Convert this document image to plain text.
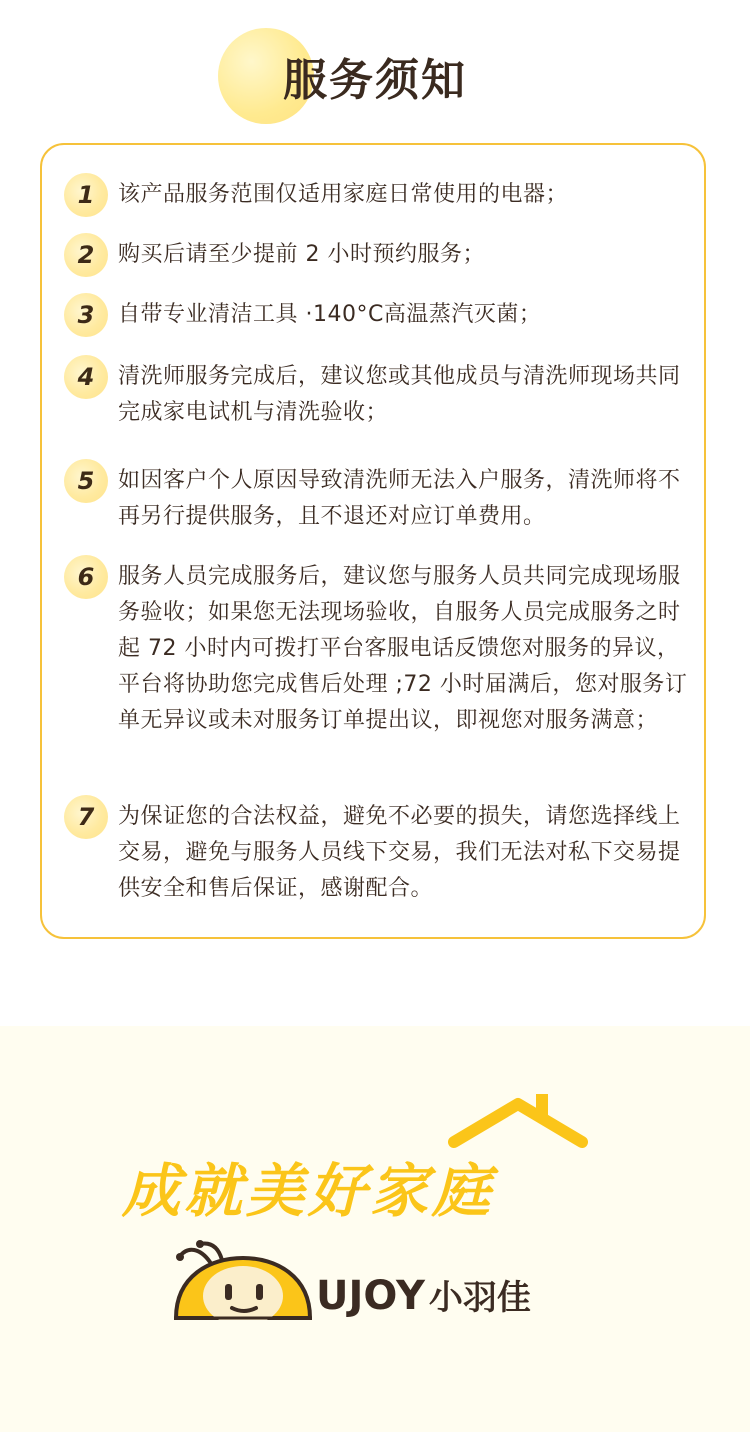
服务须知
1	该产品服务范围仅适用家庭日常使用的电器；
2	购买后请至少提前 2 小时预约服务；
3	自带专业清洁工具 ·140°C高温蒸汽灭菌；
4	清洗师服务完成后，建议您或其他成员与清洗师现场共同完成家电试机与清洗验收；
5	如因客户个人原因导致清洗师无法入户服务，清洗师将不再另行提供服务，且不退还对应订单费用。
6	服务人员完成服务后，建议您与服务人员共同完成现场服务验收；如果您无法现场验收，自服务人员完成服务之时起 72 小时内可拨打平台客服电话反馈您对服务的异议，平台将协助您完成售后处理 ;72 小时届满后，您对服务订单无异议或未对服务订单提出议，即视您对服务满意；
7	为保证您的合法权益，避免不必要的损失，请您选择线上交易，避免与服务人员线下交易，我们无法对私下交易提供安全和售后保证，感谢配合。
成就美好家庭
UJOY 小羽佳
